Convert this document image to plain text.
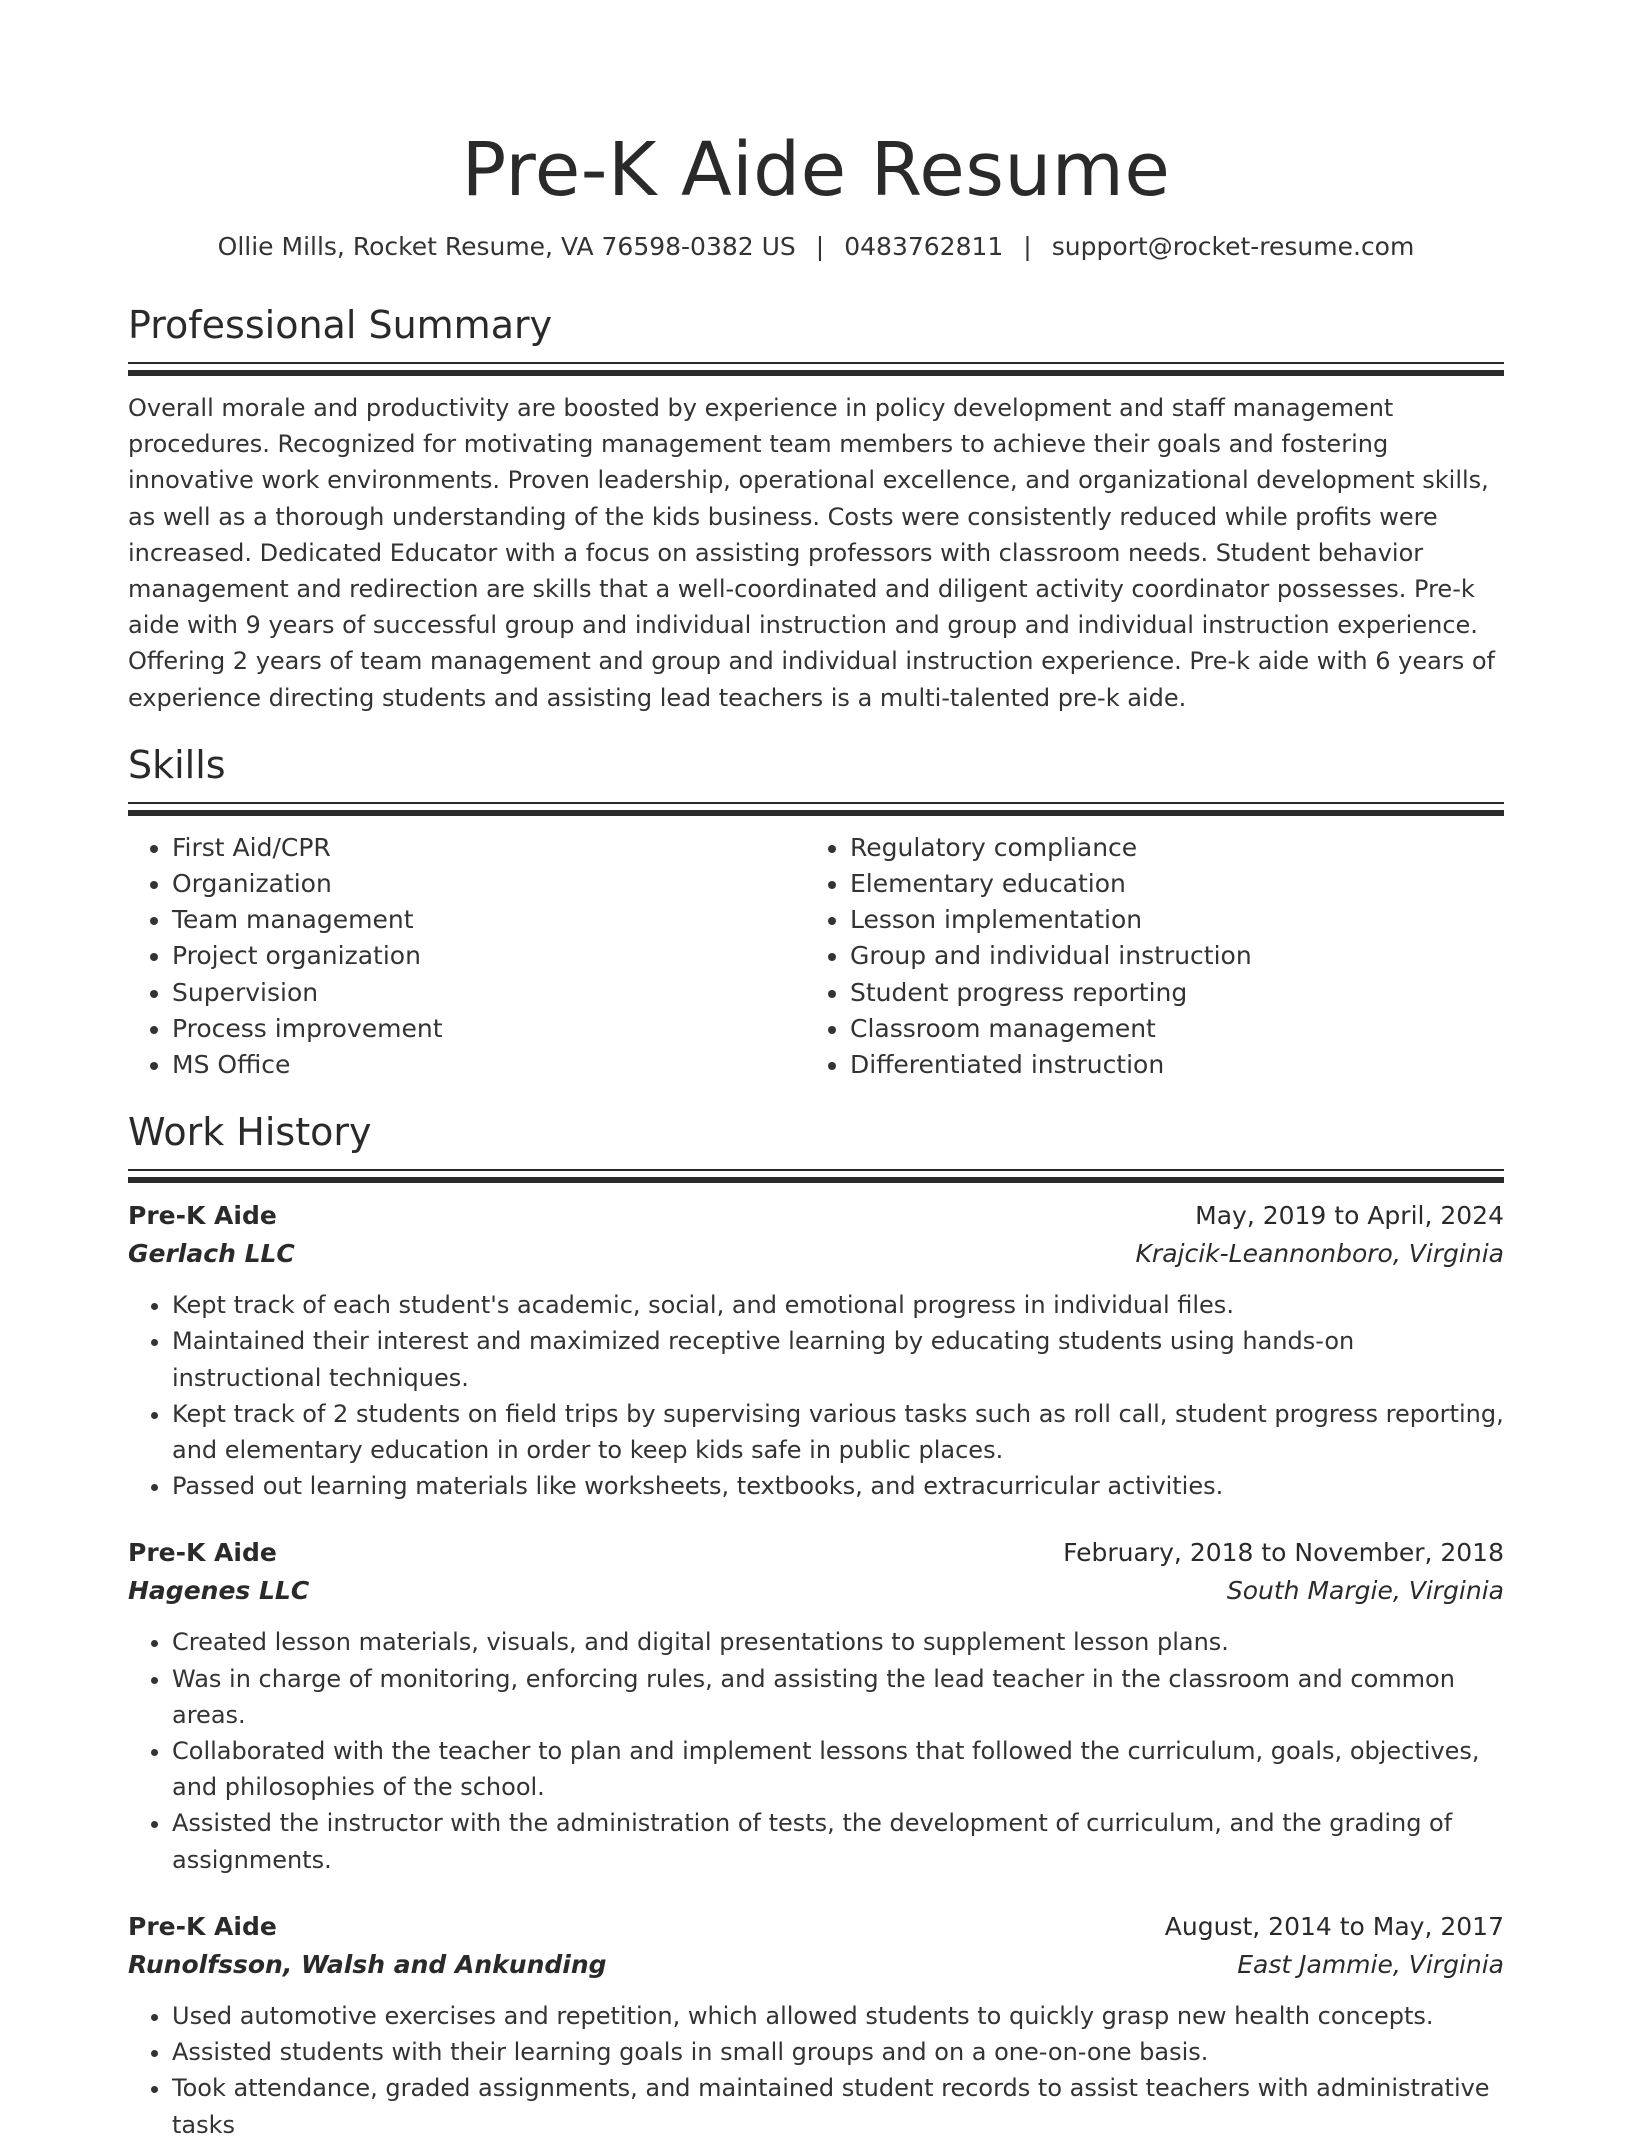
Pre-K Aide Resume
Ollie Mills, Rocket Resume, VA 76598-0382 US | 0483762811 | support@rocket-resume.com
Professional Summary

Overall morale and productivity are boosted by experience in policy development and staff management procedures. Recognized for motivating management team members to achieve their goals and fostering innovative work environments. Proven leadership, operational excellence, and organizational development skills, as well as a thorough understanding of the kids business. Costs were consistently reduced while profits were increased. Dedicated Educator with a focus on assisting professors with classroom needs. Student behavior management and redirection are skills that a well-coordinated and diligent activity coordinator possesses. Pre-k aide with 9 years of successful group and individual instruction and group and individual instruction experience. Offering 2 years of team management and group and individual instruction experience. Pre-k aide with 6 years of experience directing students and assisting lead teachers is a multi-talented pre-k aide.

Skills
• First Aid/CPR
• Organization
• Team management
• Project organization
• Supervision
• Process improvement
• MS Office
• Regulatory compliance
• Elementary education
• Lesson implementation
• Group and individual instruction
• Student progress reporting
• Classroom management
• Differentiated instruction
Work History
Pre-K Aide	May, 2019 to April, 2024
Gerlach LLC	Krajcik-Leannonboro, Virginia
• Kept track of each student's academic, social, and emotional progress in individual files.
• Maintained their interest and maximized receptive learning by educating students using hands-on instructional techniques.
• Kept track of 2 students on field trips by supervising various tasks such as roll call, student progress reporting, and elementary education in order to keep kids safe in public places.
• Passed out learning materials like worksheets, textbooks, and extracurricular activities.
Pre-K Aide	February, 2018 to November, 2018
Hagenes LLC	South Margie, Virginia
• Created lesson materials, visuals, and digital presentations to supplement lesson plans.
• Was in charge of monitoring, enforcing rules, and assisting the lead teacher in the classroom and common areas.
• Collaborated with the teacher to plan and implement lessons that followed the curriculum, goals, objectives, and philosophies of the school.
• Assisted the instructor with the administration of tests, the development of curriculum, and the grading of assignments.
Pre-K Aide	August, 2014 to May, 2017
Runolfsson, Walsh and Ankunding	East Jammie, Virginia
• Used automotive exercises and repetition, which allowed students to quickly grasp new health concepts.
• Assisted students with their learning goals in small groups and on a one-on-one basis.
• Took attendance, graded assignments, and maintained student records to assist teachers with administrative tasks
